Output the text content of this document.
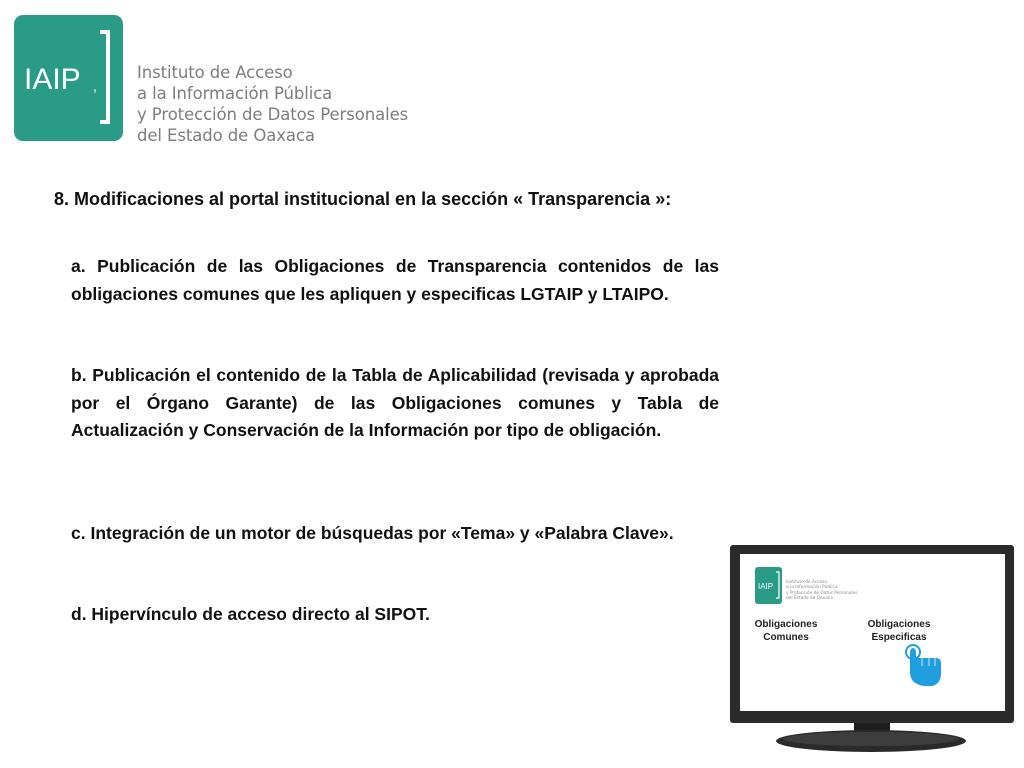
IAIP ,
Instituto de Acceso
a la Información Pública
y Protección de Datos Personales
del Estado de Oaxaca
8. Modificaciones al portal institucional en la sección « Transparencia »:
a. Publicación de las Obligaciones de Transparencia contenidos de las obligaciones comunes que les apliquen y especificas LGTAIP y LTAIPO.
b. Publicación el contenido de la Tabla de Aplicabilidad (revisada y aprobada por el Órgano Garante) de las Obligaciones comunes y Tabla de Actualización y Conservación de la Información por tipo de obligación.
c. Integración de un motor de búsquedas por «Tema» y «Palabra Clave».
d. Hipervínculo de acceso directo al SIPOT.
IAIP	Instituto de Acceso
a la Información Pública
y Protección de Datos Personales
del Estado de Oaxaca
Obligaciones
Comunes
Obligaciones
Especificas
